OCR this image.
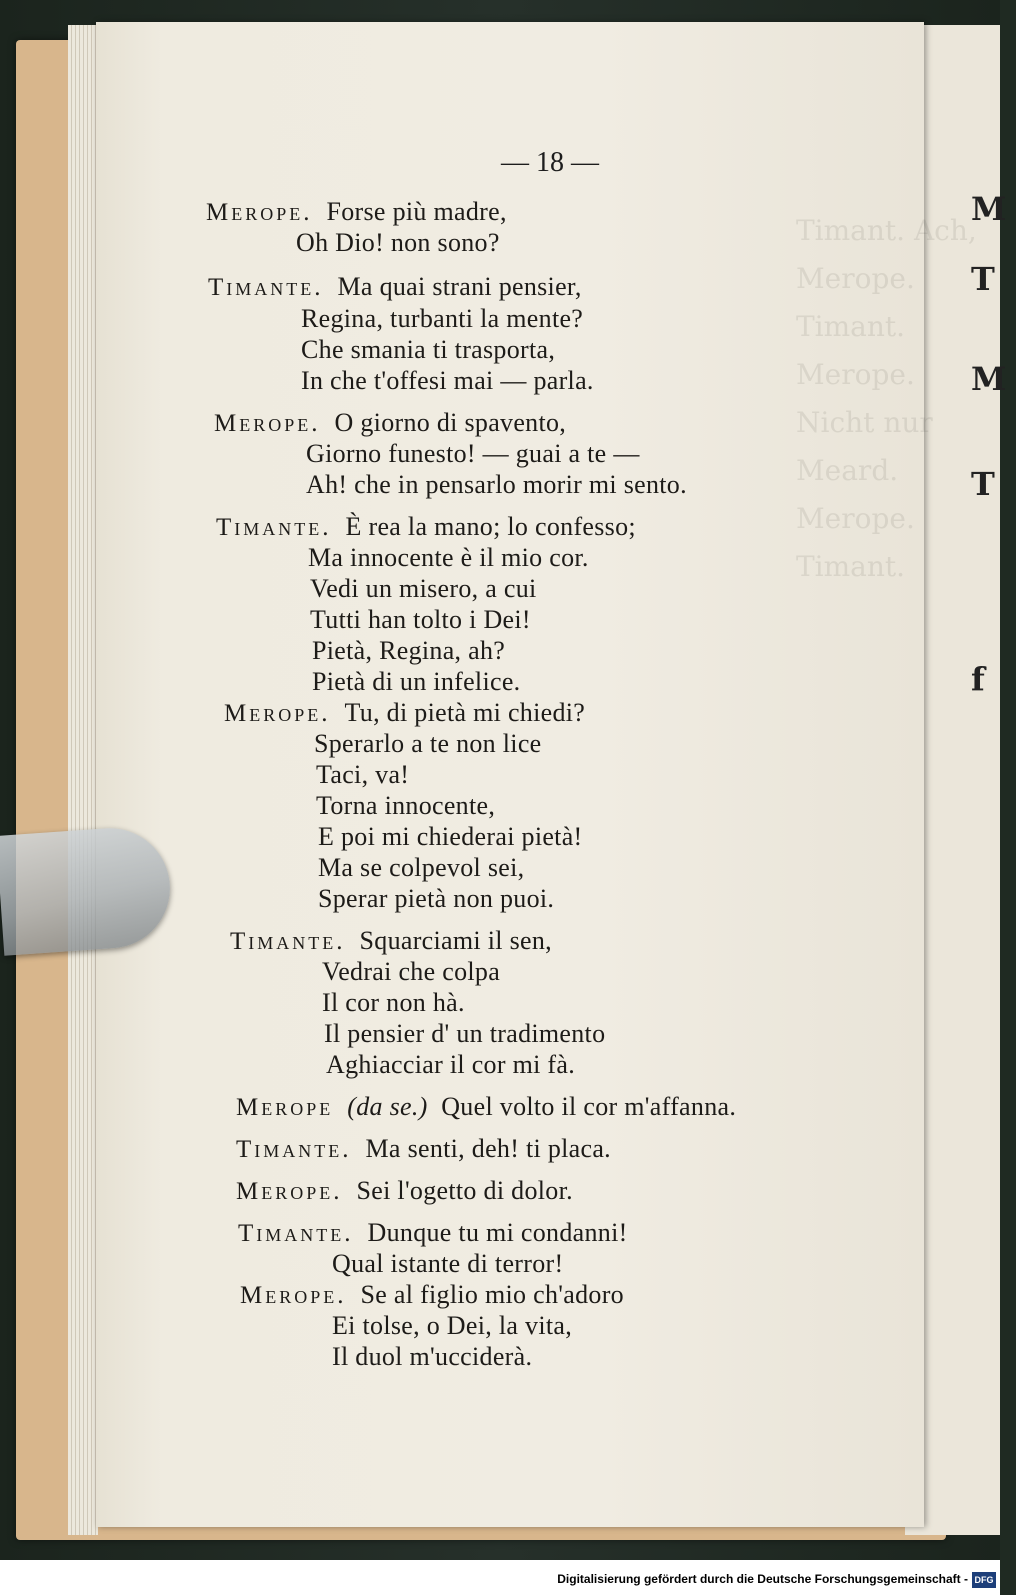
M
T
M
T
f
Timant. Ach,
Merope.
Timant.
Merope.
Nicht nur
Meard.
Merope.
Timant.
— 18 —
Merope. Forse più madre,
Oh Dio! non sono?
Timante. Ma quai strani pensier,
Regina, turbanti la mente?
Che smania ti trasporta,
In che t'offesi mai — parla.
Merope. O giorno di spavento,
Giorno funesto! — guai a te —
Ah! che in pensarlo morir mi sento.
Timante. È rea la mano; lo confesso;
Ma innocente è il mio cor.
Vedi un misero, a cui
Tutti han tolto i Dei!
Pietà, Regina, ah?
Pietà di un infelice.
Merope. Tu, di pietà mi chiedi?
Sperarlo a te non lice
Taci, va!
Torna innocente,
E poi mi chiederai pietà!
Ma se colpevol sei,
Sperar pietà non puoi.
Timante. Squarciami il sen,
Vedrai che colpa
Il cor non hà.
Il pensier d' un tradimento
Aghiacciar il cor mi fà.
Merope (da se.) Quel volto il cor m'affanna.
Timante. Ma senti, deh! ti placa.
Merope. Sei l'ogetto di dolor.
Timante. Dunque tu mi condanni!
Qual istante di terror!
Merope. Se al figlio mio ch'adoro
Ei tolse, o Dei, la vita,
Il duol m'ucciderà.
Digitalisierung gefördert durch die Deutsche Forschungsgemeinschaft - DFG
